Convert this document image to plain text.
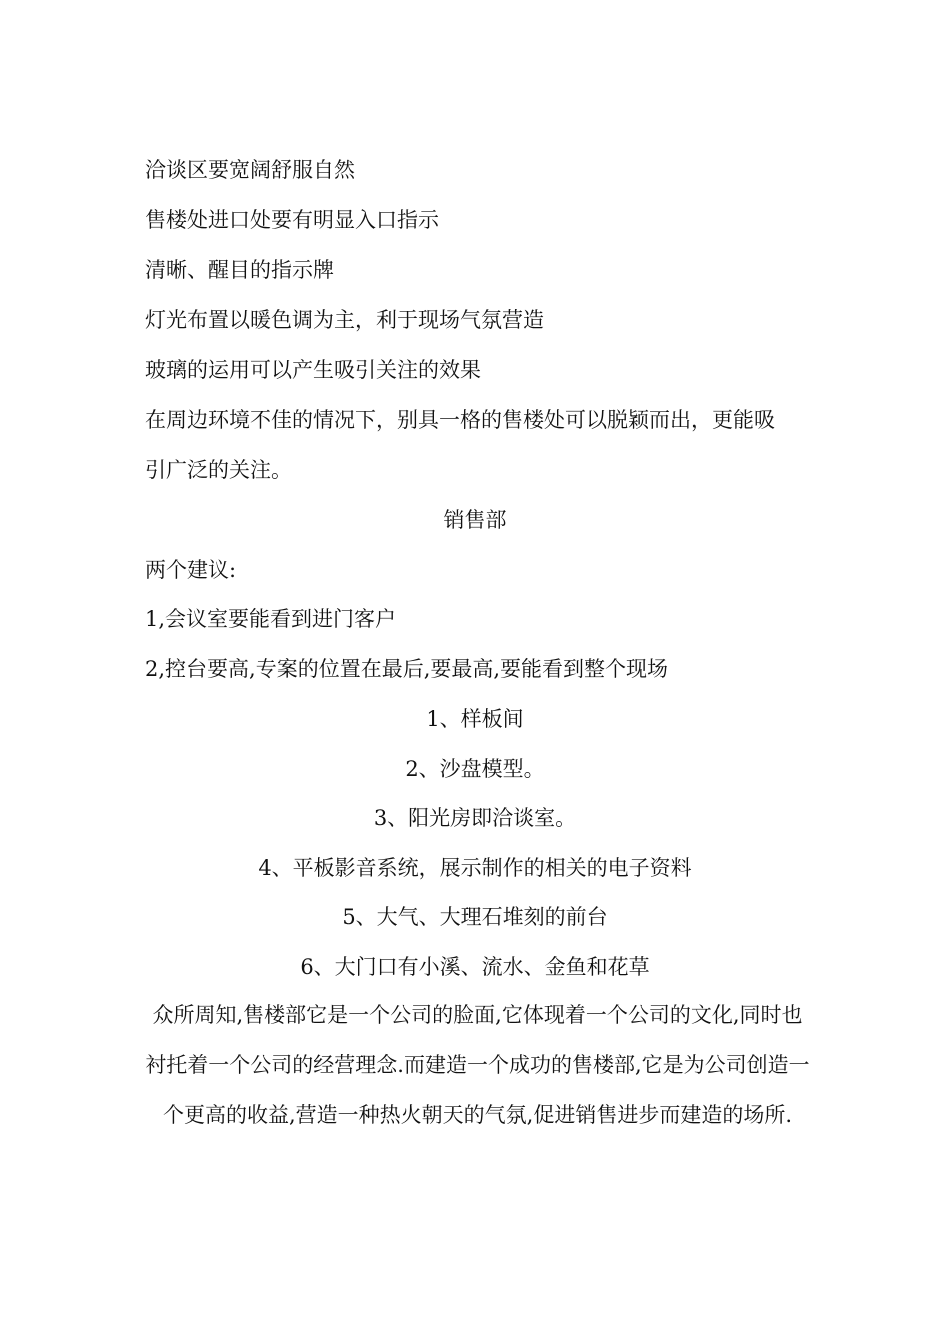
洽谈区要宽阔舒服自然
售楼处进口处要有明显入口指示
清晰、醒目的指示牌
灯光布置以暖色调为主，利于现场气氛营造
玻璃的运用可以产生吸引关注的效果
在周边环境不佳的情况下，别具一格的售楼处可以脱颖而出，更能吸
引广泛的关注。
销售部
两个建议:
1,会议室要能看到进门客户
2,控台要高,专案的位置在最后,要最高,要能看到整个现场
1、样板间
2、沙盘模型。
3、阳光房即洽谈室。
4、平板影音系统，展示制作的相关的电子资料
5、大气、大理石堆刻的前台
6、大门口有小溪、流水、金鱼和花草
众所周知,售楼部它是一个公司的脸面,它体现着一个公司的文化,同时也衬托着一个公司的经营理念.而建造一个成功的售楼部,它是为公司创造一个更高的收益,营造一种热火朝天的气氛,促进销售进步而建造的场所.
